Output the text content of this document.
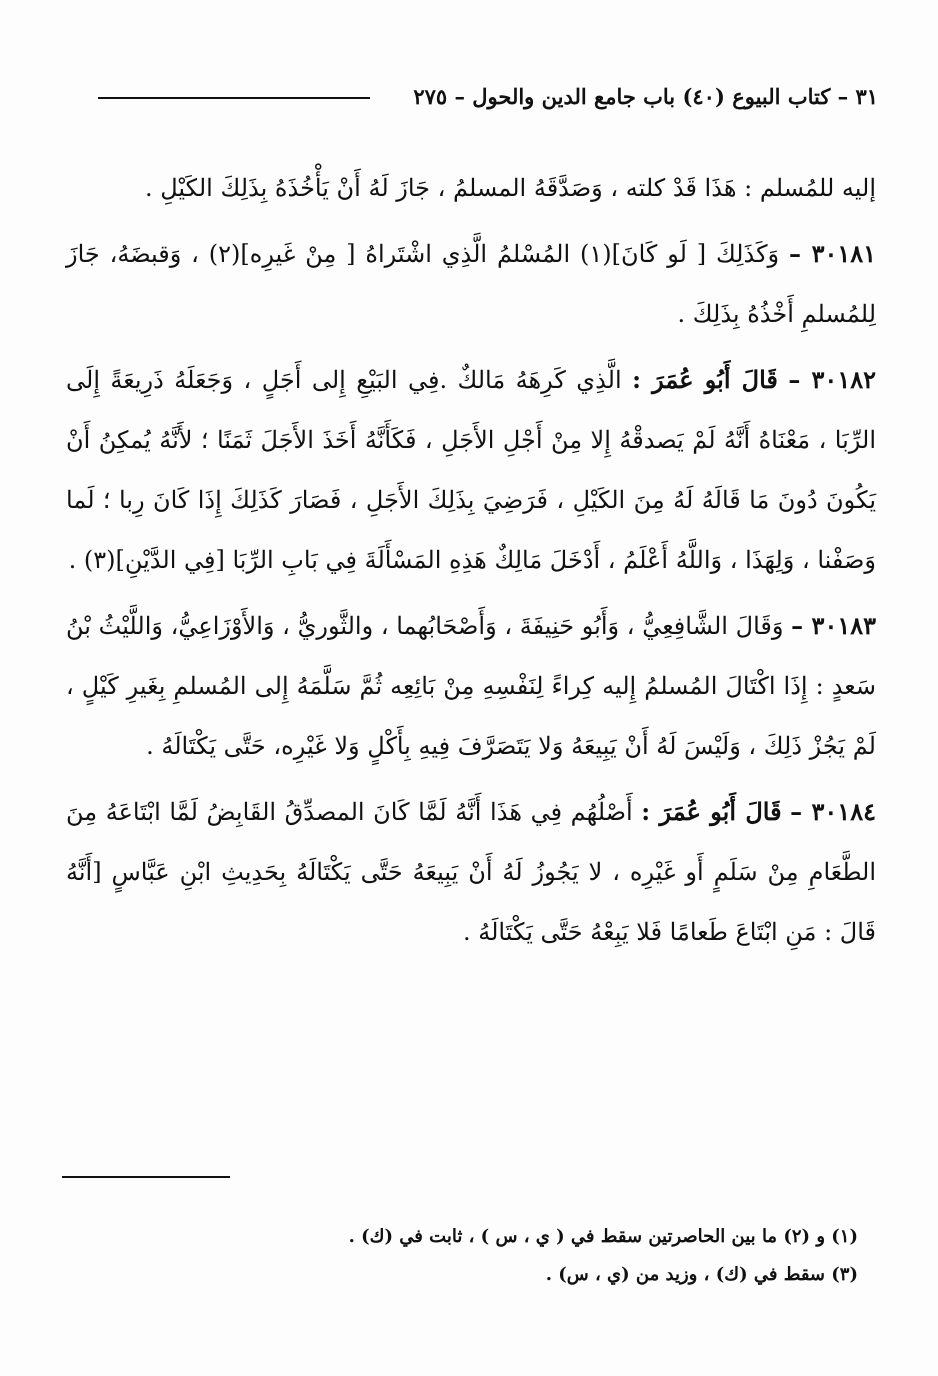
٣١ – كتاب البيوع (٤٠) باب جامع الدين والحول – ٢٧٥

إليه للمُسلم : هَذَا قَدْ كلته ، وَصَدَّقَهُ المسلمُ ، جَازَ لَهُ أَنْ يَأْخُذَهُ بِذَلِكَ الكَيْلِ .

٣٠١٨١ – وَكَذَلِكَ [ لَو كَانَ](١) المُسْلمُ الَّذِي اشْتَراهُ [ مِنْ غَيرِه](٢) ، وَقبضَهُ، جَازَ لِلمُسلمِ أَخْذُهُ بِذَلِكَ .

٣٠١٨٢ – قَالَ أَبُو عُمَرَ : الَّذِي كَرِهَهُ مَالكٌ .فِي البَيْعِ إِلى أَجَلٍ ، وَجَعَلَهُ ذَرِيعَةً إِلَى الرِّبَا ، مَعْنَاهُ أَنَّهُ لَمْ يَصدقْهُ إِلا مِنْ أَجْلِ الأَجَلِ ، فَكَأَنَّهُ أَخَذَ الأَجَلَ ثَمَنًا ؛ لأَنَّهُ يُمكِنُ أَنْ يَكُونَ دُونَ مَا قَالَهُ لَهُ مِنَ الكَيْلِ ، فَرَضِيَ بِذَلِكَ الأَجَلِ ، فَصَارَ كَذَلِكَ إِذَا كَانَ رِبا ؛ لَما وَصَفْنا ، وَلِهَذَا ، وَاللَّهُ أَعْلَمُ ، أَدْخَلَ مَالِكٌ هَذِهِ المَسْأَلَةَ فِي بَابِ الرِّبَا [فِي الدَّيْنِ](٣) .

٣٠١٨٣ – وَقَالَ الشَّافِعِيُّ ، وَأَبُو حَنِيفَةَ ، وَأَصْحَابُهما ، والثَّوريُّ ، وَالأَوْزَاعِيُّ، وَاللَّيْثُ بْنُ سَعدٍ : إِذَا اكْتَالَ المُسلمُ إِليه كِراءً لِنَفْسِهِ مِنْ بَائِعِه ثُمَّ سَلَّمَهُ إِلى المُسلمِ بِغَيرِ كَيْلٍ ، لَمْ يَجُزْ ذَلِكَ ، وَلَيْسَ لَهُ أَنْ يَبِيعَهُ وَلا يَتَصَرَّفَ فِيهِ بِأَكْلٍ وَلا غَيْرِه، حَتَّى يَكْتَالَهُ .

٣٠١٨٤ – قَالَ أَبُو عُمَرَ : أَصْلُهُم فِي هَذَا أَنَّهُ لَمَّا كَانَ المصدِّقُ القَابِضُ لَمَّا ابْتَاعَهُ مِنَ الطَّعَامِ مِنْ سَلَمٍ أَو غَيْرِه ، لا يَجُوزُ لَهُ أَنْ يَبِيعَهُ حَتَّى يَكْتَالَهُ بِحَدِيثِ ابْنِ عَبَّاسٍ [أَنَّهُ قَالَ : مَنِ ابْتَاعَ طَعامًا فَلا يَبِعْهُ حَتَّى يَكْتَالَهُ .

(١) و (٢) ما بين الحاصرتين سقط في ( ي ، س ) ، ثابت في (ك) .

(٣) سقط في (ك) ، وزيد من (ي ، س) .
